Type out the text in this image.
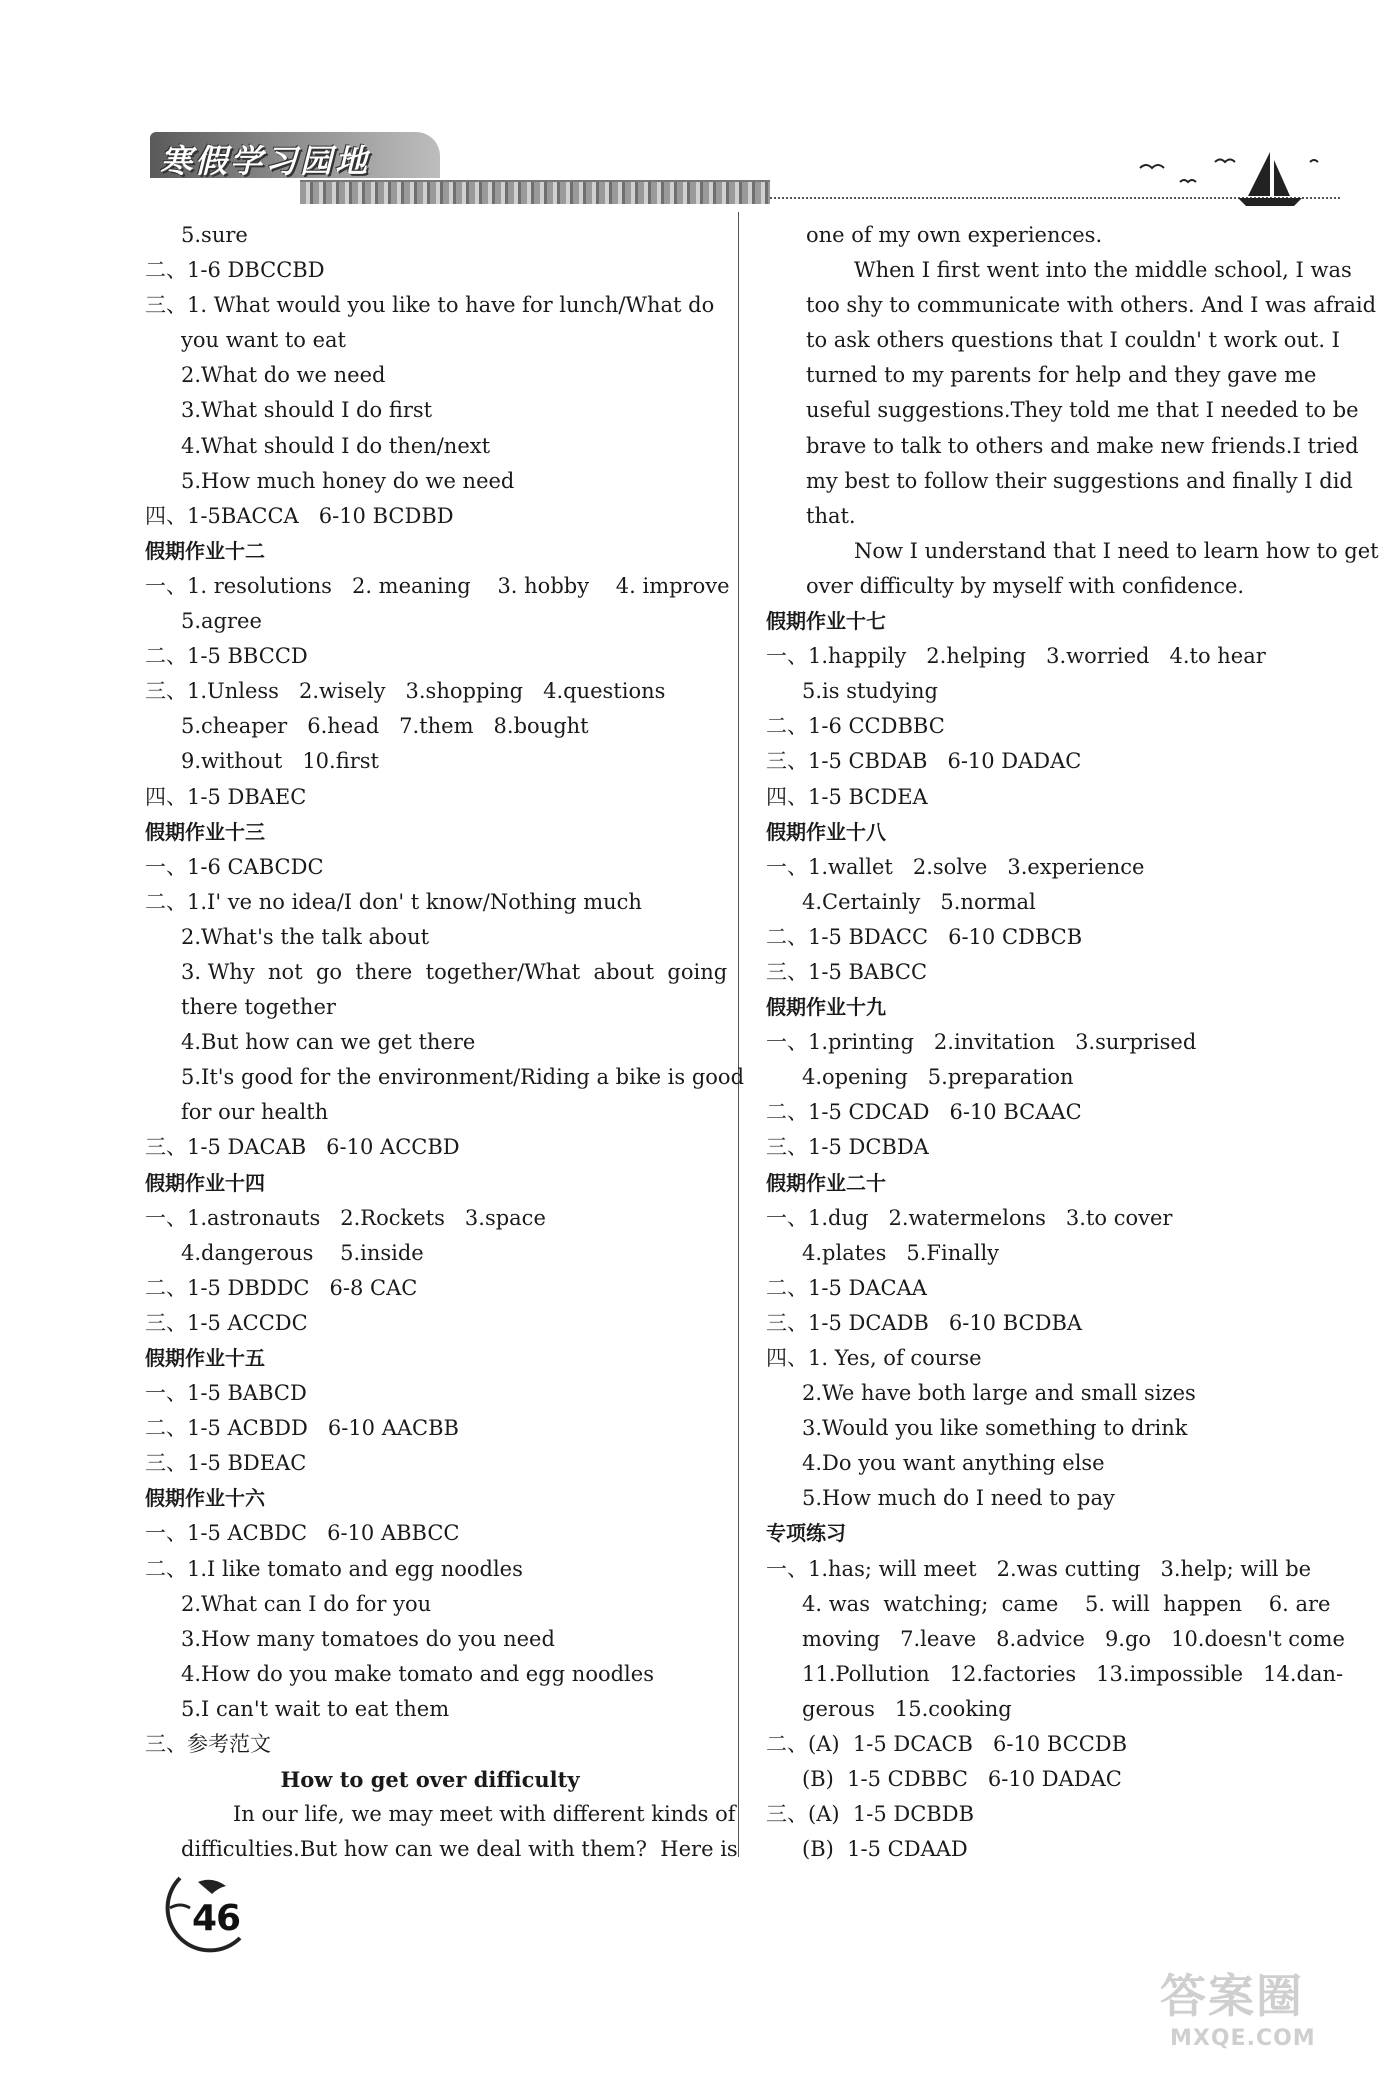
寒假学习园地
5.sure
二、1-6 DBCCBD
三、1. What would you like to have for lunch/What do
you want to eat
2.What do we need
3.What should I do first
4.What should I do then/next
5.How much honey do we need
四、1-5BACCA   6-10 BCDBD
假期作业十二
一、1. resolutions   2. meaning    3. hobby    4. improve
5.agree
二、1-5 BBCCD
三、1.Unless   2.wisely   3.shopping   4.questions
5.cheaper   6.head   7.them   8.bought
9.without   10.first
四、1-5 DBAEC
假期作业十三
一、1-6 CABCDC
二、1.I' ve no idea/I don' t know/Nothing much
2.What's the talk about
3. Why  not  go  there  together/What  about  going
there together
4.But how can we get there
5.It's good for the environment/Riding a bike is good
for our health
三、1-5 DACAB   6-10 ACCBD
假期作业十四
一、1.astronauts   2.Rockets   3.space
4.dangerous    5.inside
二、1-5 DBDDC   6-8 CAC
三、1-5 ACCDC
假期作业十五
一、1-5 BABCD
二、1-5 ACBDD   6-10 AACBB
三、1-5 BDEAC
假期作业十六
一、1-5 ACBDC   6-10 ABBCC
二、1.I like tomato and egg noodles
2.What can I do for you
3.How many tomatoes do you need
4.How do you make tomato and egg noodles
5.I can't wait to eat them
三、参考范文
How to get over difficulty
In our life, we may meet with different kinds of
difficulties.But how can we deal with them?  Here is
one of my own experiences.
When I first went into the middle school, I was
too shy to communicate with others. And I was afraid
to ask others questions that I couldn' t work out. I
turned to my parents for help and they gave me
useful suggestions.They told me that I needed to be
brave to talk to others and make new friends.I tried
my best to follow their suggestions and finally I did
that.
Now I understand that I need to learn how to get
over difficulty by myself with confidence.
假期作业十七
一、1.happily   2.helping   3.worried   4.to hear
5.is studying
二、1-6 CCDBBC
三、1-5 CBDAB   6-10 DADAC
四、1-5 BCDEA
假期作业十八
一、1.wallet   2.solve   3.experience
4.Certainly   5.normal
二、1-5 BDACC   6-10 CDBCB
三、1-5 BABCC
假期作业十九
一、1.printing   2.invitation   3.surprised
4.opening   5.preparation
二、1-5 CDCAD   6-10 BCAAC
三、1-5 DCBDA
假期作业二十
一、1.dug   2.watermelons   3.to cover
4.plates   5.Finally
二、1-5 DACAA
三、1-5 DCADB   6-10 BCDBA
四、1. Yes, of course
2.We have both large and small sizes
3.Would you like something to drink
4.Do you want anything else
5.How much do I need to pay
专项练习
一、1.has; will meet   2.was cutting   3.help; will be
4. was  watching;  came    5. will  happen    6. are
moving   7.leave   8.advice   9.go   10.doesn't come
11.Pollution   12.factories   13.impossible   14.dan-
gerous   15.cooking
二、(A)  1-5 DCACB   6-10 BCCDB
(B)  1-5 CDBBC   6-10 DADAC
三、(A)  1-5 DCBDB
(B)  1-5 CDAAD
46
答案圈
MXQE.COM
